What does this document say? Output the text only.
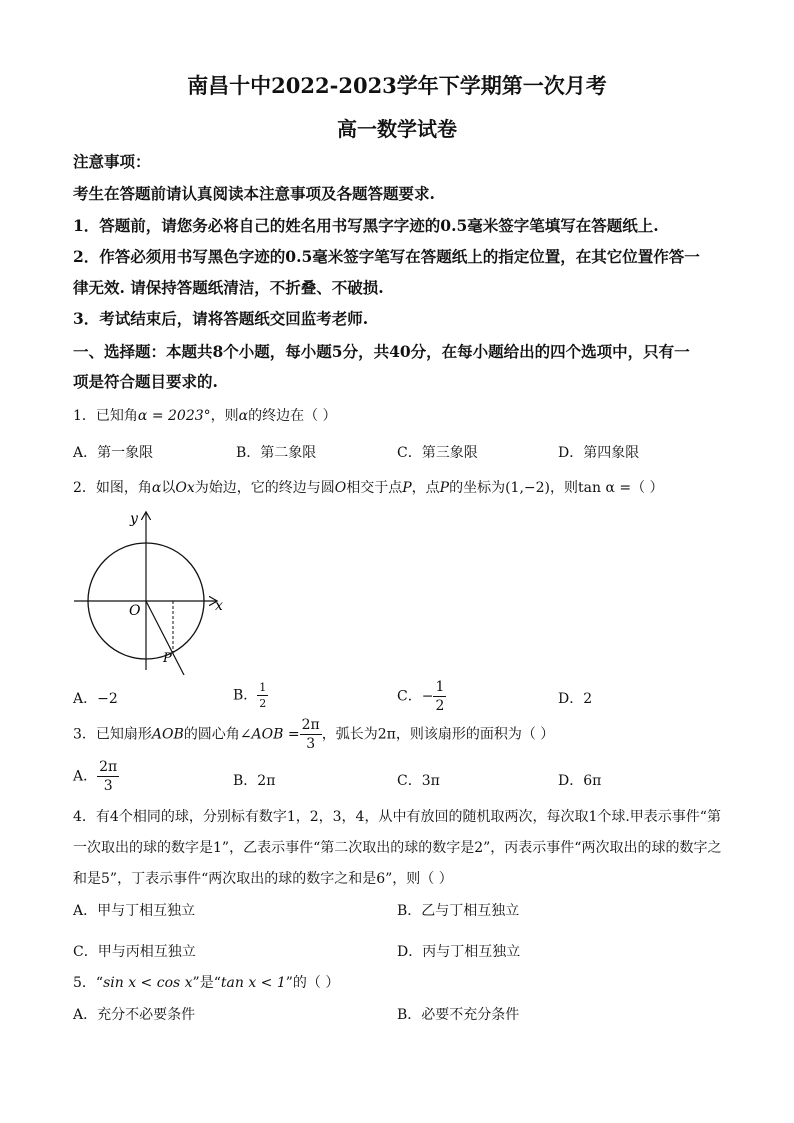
南昌十中2022-2023学年下学期第一次月考
高一数学试卷
注意事项：
考生在答题前请认真阅读本注意事项及各题答题要求.
1．答题前，请您务必将自己的姓名用书写黑字字迹的0.5毫米签字笔填写在答题纸上.
2．作答必须用书写黑色字迹的0.5毫米签字笔写在答题纸上的指定位置，在其它位置作答一
律无效. 请保持答题纸清洁，不折叠、不破损.
3．考试结束后，请将答题纸交回监考老师.
一、选择题：本题共8个小题，每小题5分，共40分，在每小题给出的四个选项中，只有一
项是符合题目要求的.
1．已知角α = 2023°，则α的终边在（ ）
A．第一象限	B．第二象限	C．第三象限	D．第四象限
2．如图，角α以Ox为始边，它的终边与圆O相交于点P，点P的坐标为(1,−2)，则tan α =（ ）
y
x
O
P
A．−2	B． $\frac{1}{2}$	C．− $\frac{1}{2}$	D．2
3．已知扇形AOB的圆心角∠AOB = $\frac{2\pi}{3}$ ，弧长为2π，则该扇形的面积为（ ）
A． $\frac{2\pi}{3}$	B．2π	C．3π	D．6π
4．有4个相同的球，分别标有数字1，2，3，4，从中有放回的随机取两次，每次取1个球.甲表示事件“第
一次取出的球的数字是1”，乙表示事件“第二次取出的球的数字是2”，丙表示事件“两次取出的球的数字之
和是5”，丁表示事件“两次取出的球的数字之和是6”，则（ ）
A．甲与丁相互独立	B．乙与丁相互独立
C．甲与丙相互独立	D．丙与丁相互独立
5．“sin x < cos x”是“tan x < 1”的（ ）
A．充分不必要条件	B．必要不充分条件
